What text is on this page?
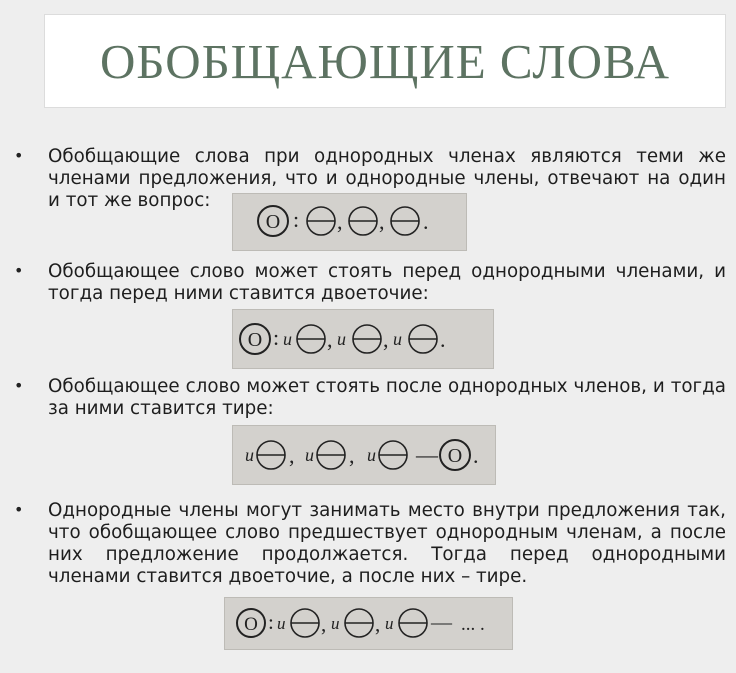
ОБОБЩАЮЩИЕ СЛОВА
• Обобщающие слова при однородных членах являются теми же членами предложения, что и однородные члены, отвечают на один и тот же вопрос:

О : , , .
• Обобщающее слово может стоять перед однородными членами, и тогда перед ними ставится двоеточие:

О : и , и , и .
• Обобщающее слово может стоять после однородных членов, и тогда за ними ставится тире:

и , и , и — О .
• Однородные члены могут занимать место внутри предложения так, что обобщающее слово предшествует однородным членам, а после них предложение продолжается. Тогда перед однородными членами ставится двоеточие, а после них – тире.

О : и , и , и — ... .
